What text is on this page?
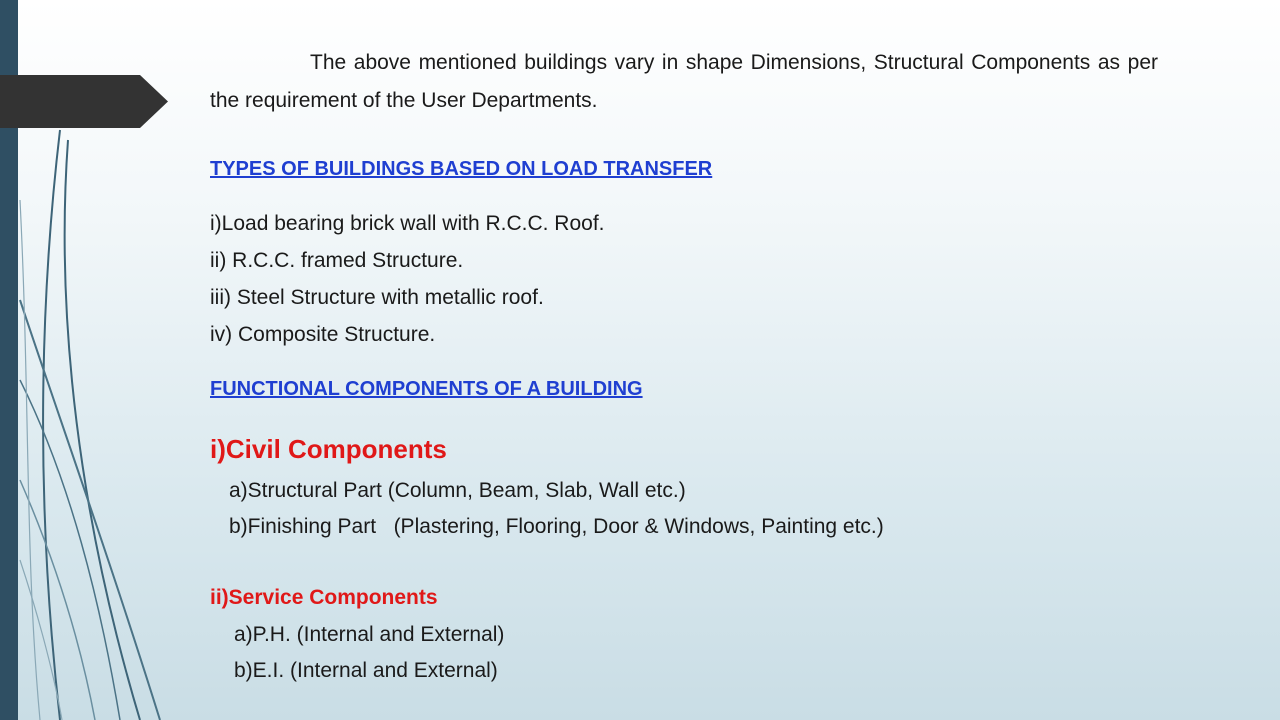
The above mentioned buildings vary in shape Dimensions, Structural Components as per the requirement of the User Departments.
TYPES OF BUILDINGS BASED ON LOAD TRANSFER
i)Load bearing brick wall with R.C.C. Roof.
ii) R.C.C. framed Structure.
iii) Steel Structure with metallic roof.
iv) Composite Structure.
FUNCTIONAL COMPONENTS OF A BUILDING
i)Civil Components
a)Structural Part (Column, Beam, Slab, Wall etc.)
b)Finishing Part   (Plastering, Flooring, Door & Windows, Painting etc.)
ii)Service Components
a)P.H. (Internal and External)
b)E.I. (Internal and External)
